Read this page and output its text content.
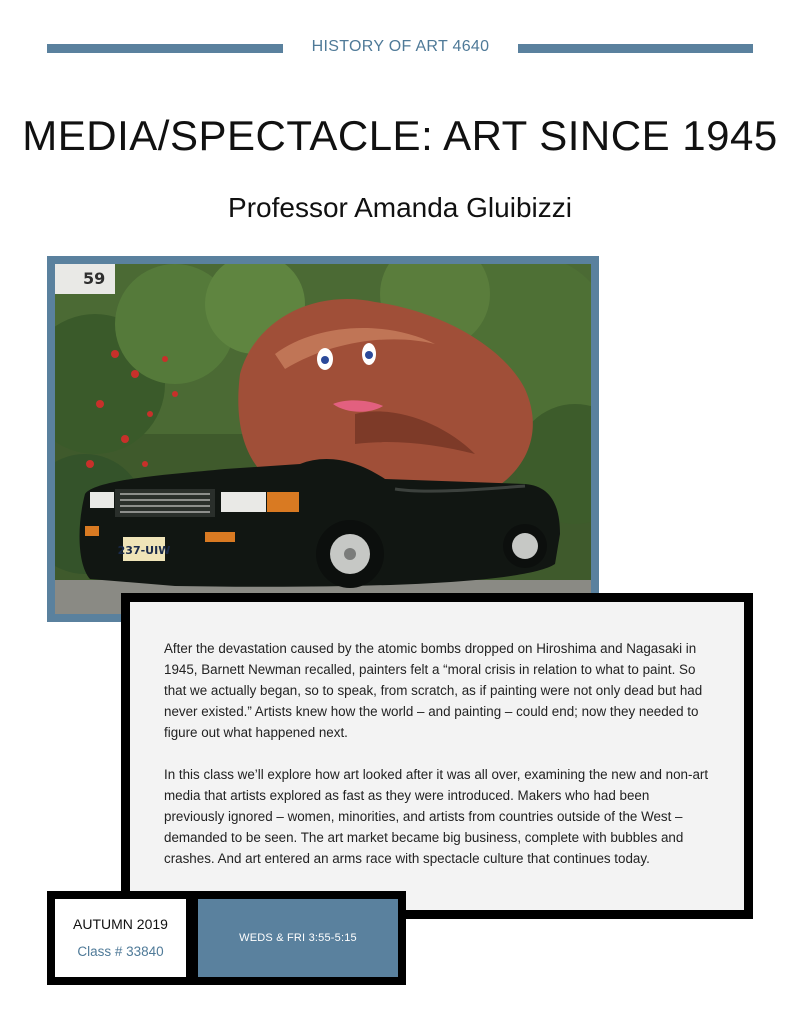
HISTORY OF ART 4640
MEDIA/SPECTACLE: ART SINCE 1945
Professor Amanda Gluibizzi
59
237-UIW

After the devastation caused by the atomic bombs dropped on Hiroshima and Nagasaki in 1945, Barnett Newman recalled, painters felt a “moral crisis in relation to what to paint. So that we actually began, so to speak, from scratch, as if painting were not only dead but had never existed.” Artists knew how the world – and painting – could end; now they needed to figure out what happened next.

In this class we’ll explore how art looked after it was all over, examining the new and non-art media that artists explored as fast as they were introduced. Makers who had been previously ignored – women, minorities, and artists from countries outside of the West – demanded to be seen. The art market became big business, complete with bubbles and crashes. And art entered an arms race with spectacle culture that continues today.

AUTUMN 2019
Class # 33840
WEDS & FRI 3:55-5:15
